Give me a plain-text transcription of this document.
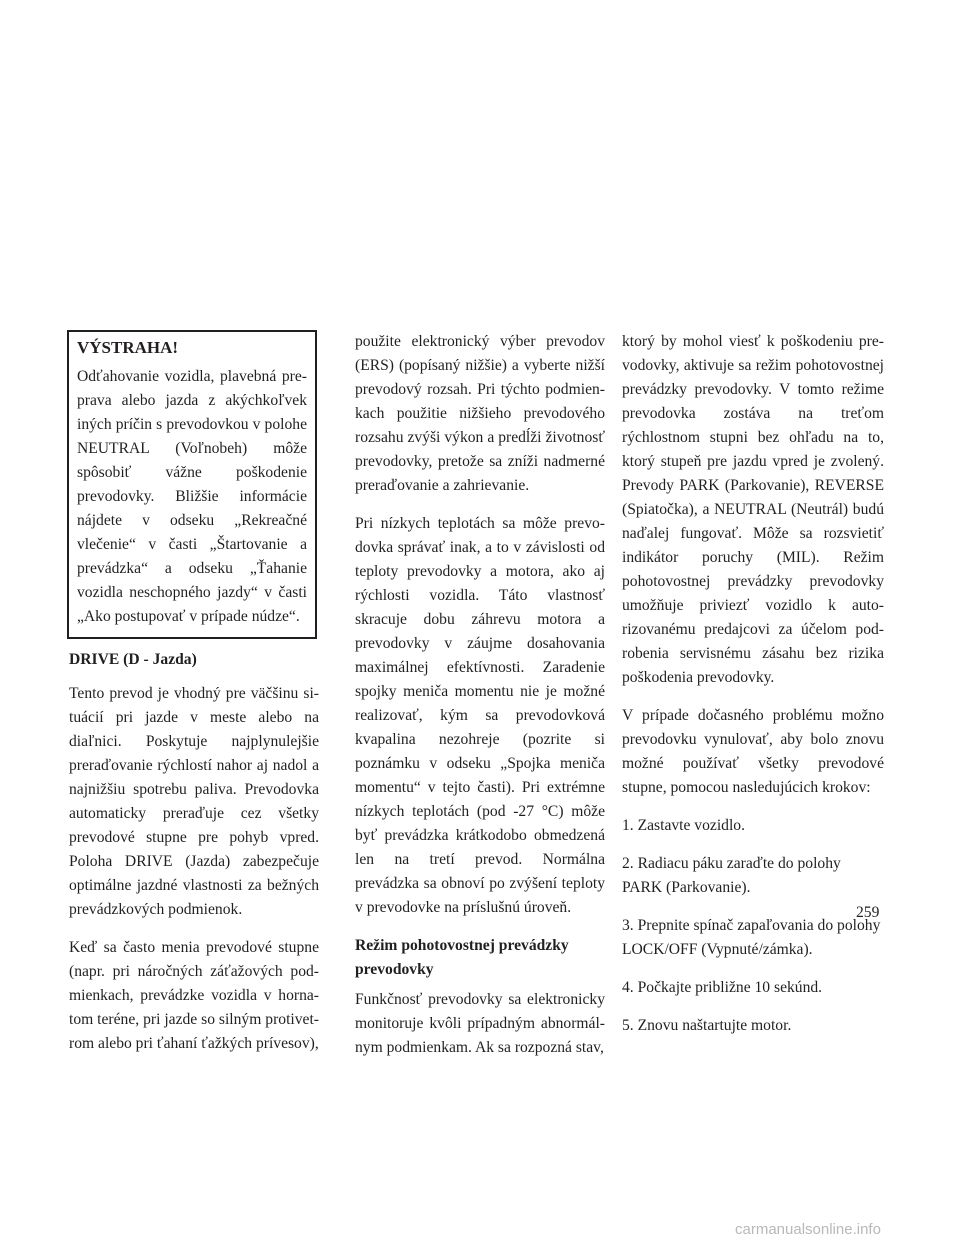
VÝSTRAHA!

Odťahovanie vozidla, plavebná preprava alebo jazda z akýchkoľvek iných príčin s prevodovkou v polohe NEUTRAL (Voľnobeh) môže spôsobiť vážne poškodenie prevodovky. Bližšie informácie nájdete v odseku „Rekreačné vlečenie“ v časti „Štartovanie a prevádzka“ a odseku „Ťahanie vozidla neschopného jazdy“ v časti „Ako postupovať v prípade núdze“.

DRIVE (D - Jazda)

Tento prevod je vhodný pre väčšinu situácií pri jazde v meste alebo na diaľnici. Poskytuje najplynulejšie preraďovanie rýchlostí nahor aj nadol a najnižšiu spotrebu paliva. Prevodovka automaticky preraďuje cez všetky prevodové stupne pre pohyb vpred. Poloha DRIVE (Jazda) zabezpečuje optimálne jazdné vlastnosti za bežných prevádzkových podmienok.

Keď sa často menia prevodové stupne (napr. pri náročných záťažových podmienkach, prevádzke vozidla v hornatom teréne, pri jazde so silným protivetrom alebo pri ťahaní ťažkých prívesov),

použite elektronický výber prevodov (ERS) (popísaný nižšie) a vyberte nižší prevodový rozsah. Pri týchto podmienkach použitie nižšieho prevodového rozsahu zvýši výkon a predĺži životnosť prevodovky, pretože sa zníži nadmerné preraďovanie a zahrievanie.

Pri nízkych teplotách sa môže prevodovka správať inak, a to v závislosti od teploty prevodovky a motora, ako aj rýchlosti vozidla. Táto vlastnosť skracuje dobu záhrevu motora a prevodovky v záujme dosahovania maximálnej efektívnosti. Zaradenie spojky meniča momentu nie je možné realizovať, kým sa prevodovková kvapalina nezohreje (pozrite si poznámku v odseku „Spojka meniča momentu“ v tejto časti). Pri extrémne nízkych teplotách (pod -27 °C) môže byť prevádzka krátkodobo obmedzená len na tretí prevod. Normálna prevádzka sa obnoví po zvýšení teploty v prevodovke na príslušnú úroveň.

Režim pohotovostnej prevádzky prevodovky

Funkčnosť prevodovky sa elektronicky monitoruje kvôli prípadným abnormálnym podmienkam. Ak sa rozpozná stav,

ktorý by mohol viesť k poškodeniu prevodovky, aktivuje sa režim pohotovostnej prevádzky prevodovky. V tomto režime prevodovka zostáva na treťom rýchlostnom stupni bez ohľadu na to, ktorý stupeň pre jazdu vpred je zvolený. Prevody PARK (Parkovanie), REVERSE (Spiatočka), a NEUTRAL (Neutrál) budú naďalej fungovať. Môže sa rozsvietiť indikátor poruchy (MIL). Režim pohotovostnej prevádzky prevodovky umožňuje priviezť vozidlo k autorizovanému predajcovi za účelom podrobenia servisnému zásahu bez rizika poškodenia prevodovky.

V prípade dočasného problému možno prevodovku vynulovať, aby bolo znovu možné používať všetky prevodové stupne, pomocou nasledujúcich krokov:

1. Zastavte vozidlo.

2. Radiacu páku zaraďte do polohy PARK (Parkovanie).

3. Prepnite spínač zapaľovania do polohy LOCK/OFF (Vypnuté/zámka).

4. Počkajte približne 10 sekúnd.

5. Znovu naštartujte motor.

259
carmanualsonline.info
